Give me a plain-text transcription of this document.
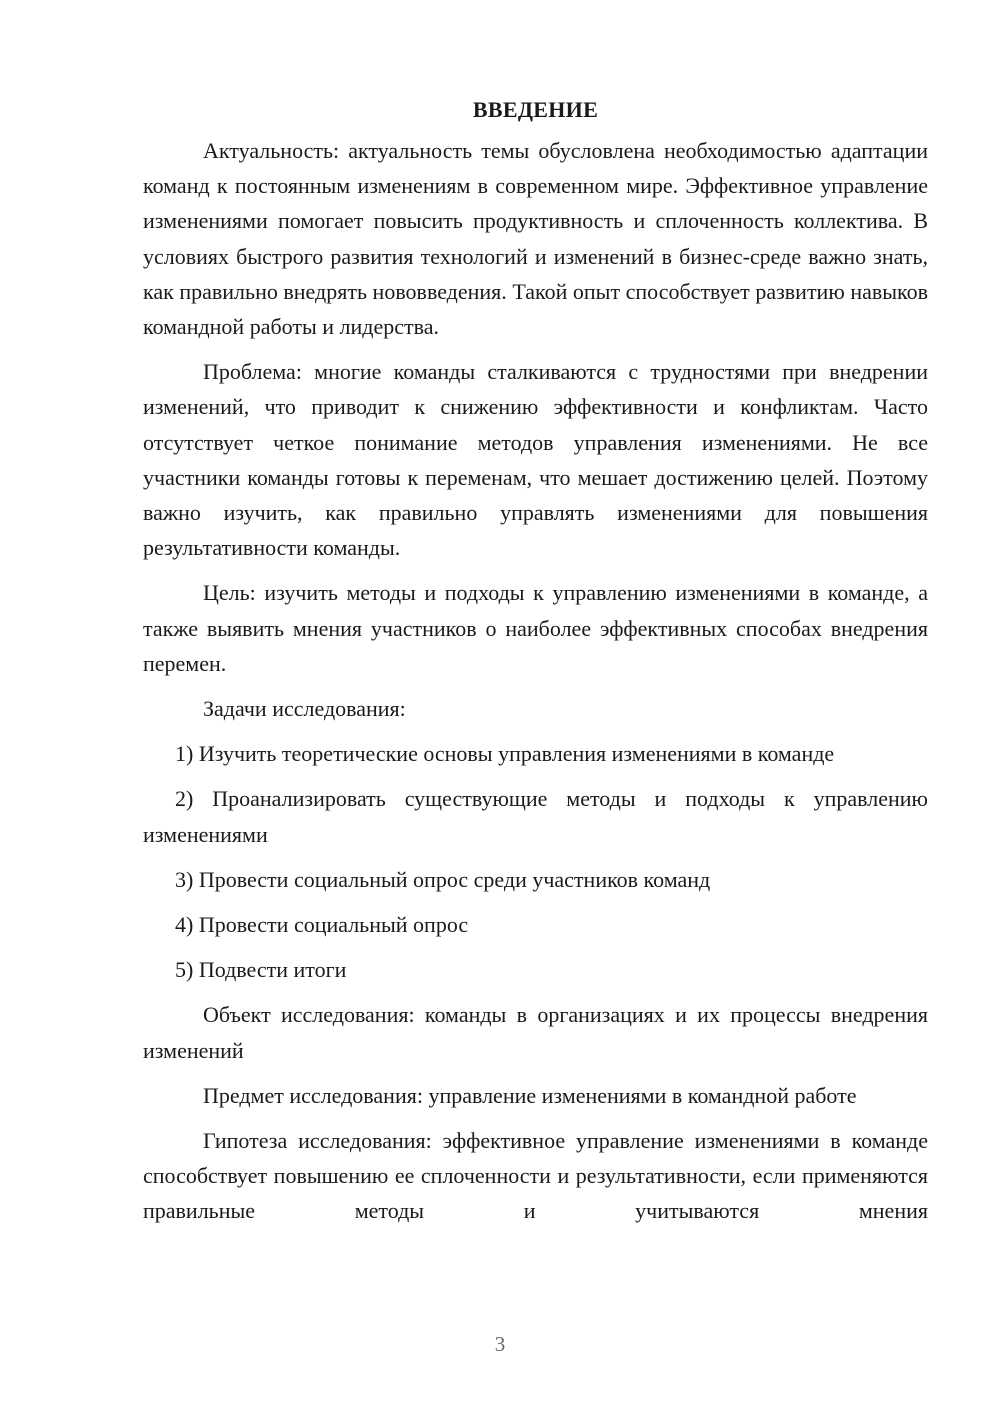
ВВЕДЕНИЕ

Актуальность: актуальность темы обусловлена необходимостью адаптации команд к постоянным изменениям в современном мире. Эффективное управление изменениями помогает повысить продуктивность и сплоченность коллектива. В условиях быстрого развития технологий и изменений в бизнес-среде важно знать, как правильно внедрять нововведения. Такой опыт способствует развитию навыков командной работы и лидерства.

Проблема: многие команды сталкиваются с трудностями при внедрении изменений, что приводит к снижению эффективности и конфликтам. Часто отсутствует четкое понимание методов управления изменениями. Не все участники команды готовы к переменам, что мешает достижению целей. Поэтому важно изучить, как правильно управлять изменениями для повышения результативности команды.

Цель: изучить методы и подходы к управлению изменениями в команде, а также выявить мнения участников о наиболее эффективных способах внедрения перемен.

Задачи исследования:

1) Изучить теоретические основы управления изменениями в команде

2) Проанализировать существующие методы и подходы к управлению изменениями

3) Провести социальный опрос среди участников команд

4) Провести социальный опрос

5) Подвести итоги

Объект исследования: команды в организациях и их процессы внедрения изменений

Предмет исследования: управление изменениями в командной работе

Гипотеза исследования: эффективное управление изменениями в команде способствует повышению ее сплоченности и результативности, если применяются правильные методы и учитываются мнения

3
